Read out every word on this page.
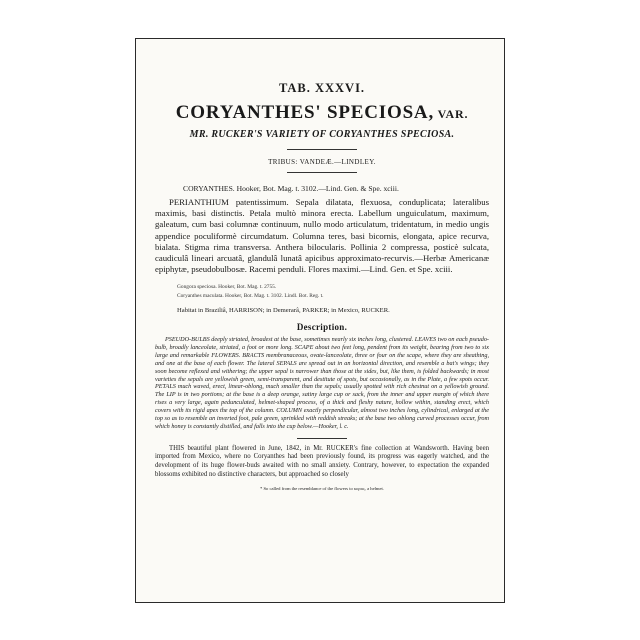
TAB. XXXVI.

CORYANTHES' SPECIOSA, VAR.

MR. RUCKER'S VARIETY OF CORYANTHES SPECIOSA.

TRIBUS: VANDEÆ.—LINDLEY.

CORYANTHES. Hooker, Bot. Mag. t. 3102.—Lind. Gen. & Spe. xciii.

PERIANTHIUM patentissimum. Sepala dilatata, flexuosa, conduplicata; lateralibus maximis, basi distinctis. Petala multò minora erecta. Labellum unguiculatum, maximum, galeatum, cum basi columnæ continuum, nullo modo articulatum, tridentatum, in medio ungis appendice poculiformè circumdatum. Columna teres, basi bicornis, elongata, apice recurva, bialata. Stigma rima transversa. Anthera bilocularis. Pollinia 2 compressa, posticè sulcata, caudiculâ lineari arcuatâ, glandulâ lunatâ apicibus approximato-recurvis.—Herbæ Americanæ epiphytæ, pseudobulbosæ. Racemi penduli. Flores maximi.—Lind. Gen. et Spe. xciii.

Gongora speciosa. Hooker, Bot. Mag. t. 2755.
Coryanthes maculata. Hooker, Bot. Mag. t. 3102. Lindl. Bot. Reg. t.

Habitat in Braziliâ, HARRISON; in Demerarâ, PARKER; in Mexico, RUCKER.

Description.

PSEUDO-BULBS deeply striated, broadest at the base, sometimes nearly six inches long, clustered. LEAVES two on each pseudo-bulb, broadly lanceolate, striated, a foot or more long. SCAPE about two feet long, pendent from its weight, bearing from two to six large and remarkable FLOWERS. BRACTS membranaceous, ovate-lanceolate, three or four on the scape, where they are sheathing, and one at the base of each flower. The lateral SEPALS are spread out in an horizontal direction, and resemble a bat's wings; they soon become reflexed and withering; the upper sepal is narrower than those at the sides, but, like them, is folded backwards; in most varieties the sepals are yellowish green, semi-transparent, and destitute of spots, but occasionally, as in the Plate, a few spots occur. PETALS much waved, erect, linear-oblong, much smaller than the sepals; usually spotted with rich chestnut on a yellowish ground. The LIP is in two portions; at the base is a deep orange, satiny large cup or sack, from the inner and upper margin of which there rises a very large, again pedunculated, helmet-shaped process, of a thick and fleshy nature, hollow within, standing erect, which covers with its rigid apex the top of the column. COLUMN exactly perpendicular, almost two inches long, cylindrical, enlarged at the top so as to resemble an inverted foot, pale green, sprinkled with reddish streaks; at the base two oblong curved processes occur, from which honey is constantly distilled, and falls into the cup below.—Hooker, l. c.

THIS beautiful plant flowered in June, 1842, in Mr. RUCKER's fine collection at Wandsworth. Having been imported from Mexico, where no Coryanthes had been previously found, its progress was eagerly watched, and the development of its huge flower-buds awaited with no small anxiety. Contrary, however, to expectation the expanded blossoms exhibited no distinctive characters, but approached so closely

* So called from the resemblance of the flowers to κορυς, a helmet.
